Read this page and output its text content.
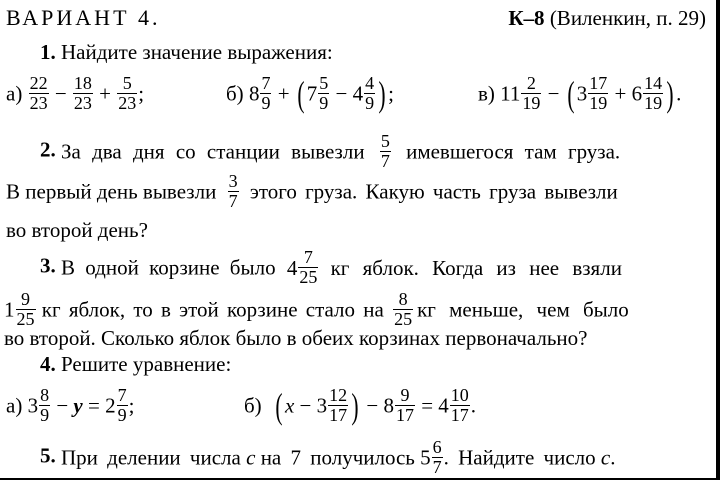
ВАРИАНТ 4.	К–8 (Виленкин, п. 29)
1. Найдите значение выражения:
$а) \frac{22}{23} - \frac{18}{23} + \frac{5}{23}$ ;	б) $8 \frac{7}{9}$ + ( $7 \frac{5}{9} - 4 \frac{4}{9}$ ) ;	в) $11 \frac{2}{19}$ − ( $3 \frac{17}{19} + 6 \frac{14}{19}$ ) .
2. За два дня со станции вывезли $\frac{5}{7}$ имевшегося там груза.
В первый день вывезли $\frac{3}{7}$ этого груза. Какую часть груза вывезли
во второй день?
3. В одной корзине было $4 \frac{7}{25}$ кг яблок. Когда из нее взяли
$1 \frac{9}{25}$ кг яблок, то в этой корзине стало на $\frac{8}{25}$ кг меньше, чем было
во второй. Сколько яблок было в обеих корзинах первоначально?
4. Решите уравнение:
а) $3 \frac{8}{9} - y = 2 \frac{7}{9}$ ;	б) ( $x - 3 \frac{12}{17}$ ) − $8 \frac{9}{17} = 4 \frac{10}{17}$ .
5. При делении числа c на 7 получилось $5 \frac{6}{7}$ . Найдите число c.
